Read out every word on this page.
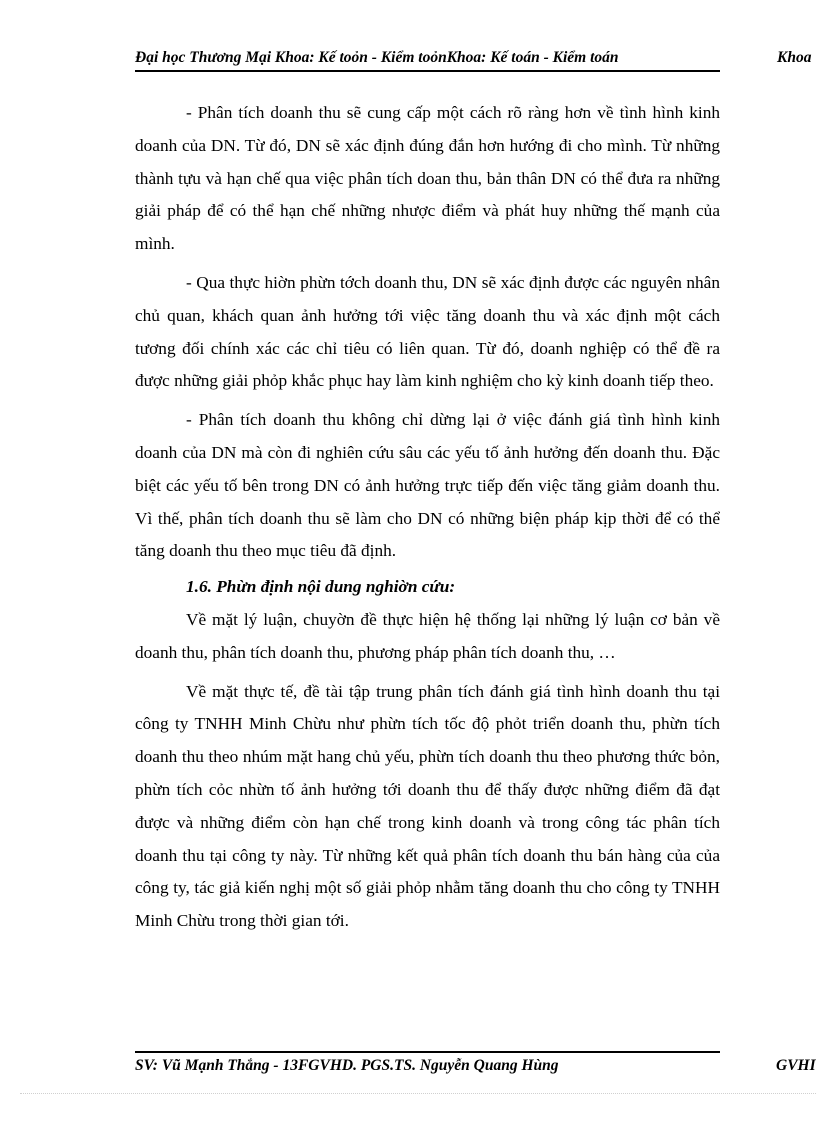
Đại học Thương Mại Khoa: Kế toỏn - Kiểm toỏnKhoa: Kế toán - Kiểm toán	Khoa

- Phân tích doanh thu sẽ cung cấp một cách rõ ràng hơn về tình hình kinh doanh của DN. Từ đó, DN sẽ xác định đúng đắn hơn hướng đi cho mình. Từ những thành tựu và hạn chế qua việc phân tích doan thu, bản thân DN có thể đưa ra những giải pháp để có thể hạn chế những nhược điểm và phát huy những thế mạnh của mình.

- Qua thực hiờn phừn tớch doanh thu, DN sẽ xác định được các nguyên nhân chủ quan, khách quan ảnh hưởng tới việc tăng doanh thu và xác định một cách tương đối chính xác các chỉ tiêu có liên quan. Từ đó, doanh nghiệp có thể đề ra được những giải phỏp khắc phục hay làm kinh nghiệm cho kỳ kinh doanh tiếp theo.

- Phân tích doanh thu không chỉ dừng lại ở việc đánh giá tình hình kinh doanh của DN mà còn đi nghiên cứu sâu các yếu tố ảnh hưởng đến doanh thu. Đặc biệt các yếu tố bên trong DN có ảnh hưởng trực tiếp đến việc tăng giảm doanh thu. Vì thế, phân tích doanh thu sẽ làm cho DN có những biện pháp kịp thời để có thể tăng doanh thu theo mục tiêu đã định.

1.6. Phừn định nội dung nghiờn cứu:

Về mặt lý luận, chuyờn đề thực hiện hệ thống lại những lý luận cơ bản về doanh thu, phân tích doanh thu, phương pháp phân tích doanh thu, …

Về mặt thực tế, đề tài tập trung phân tích đánh giá tình hình doanh thu tại công ty TNHH Minh Chừu như phừn tích tốc độ phỏt triển doanh thu, phừn tích doanh thu theo nhúm mặt hang chủ yếu, phừn tích doanh thu theo phương thức bỏn, phừn tích cỏc nhừn tố ảnh hưởng tới doanh thu để thấy được những điểm đã đạt được và những điểm còn hạn chế trong kinh doanh và trong công tác phân tích doanh thu tại công ty này. Từ những kết quả phân tích doanh thu bán hàng của của công ty, tác giả kiến nghị một số giải phỏp nhằm tăng doanh thu cho công ty TNHH Minh Chừu trong thời gian tới.

SV: Vũ Mạnh Thắng - 13FGVHD. PGS.TS. Nguyễn Quang Hùng	GVHI
